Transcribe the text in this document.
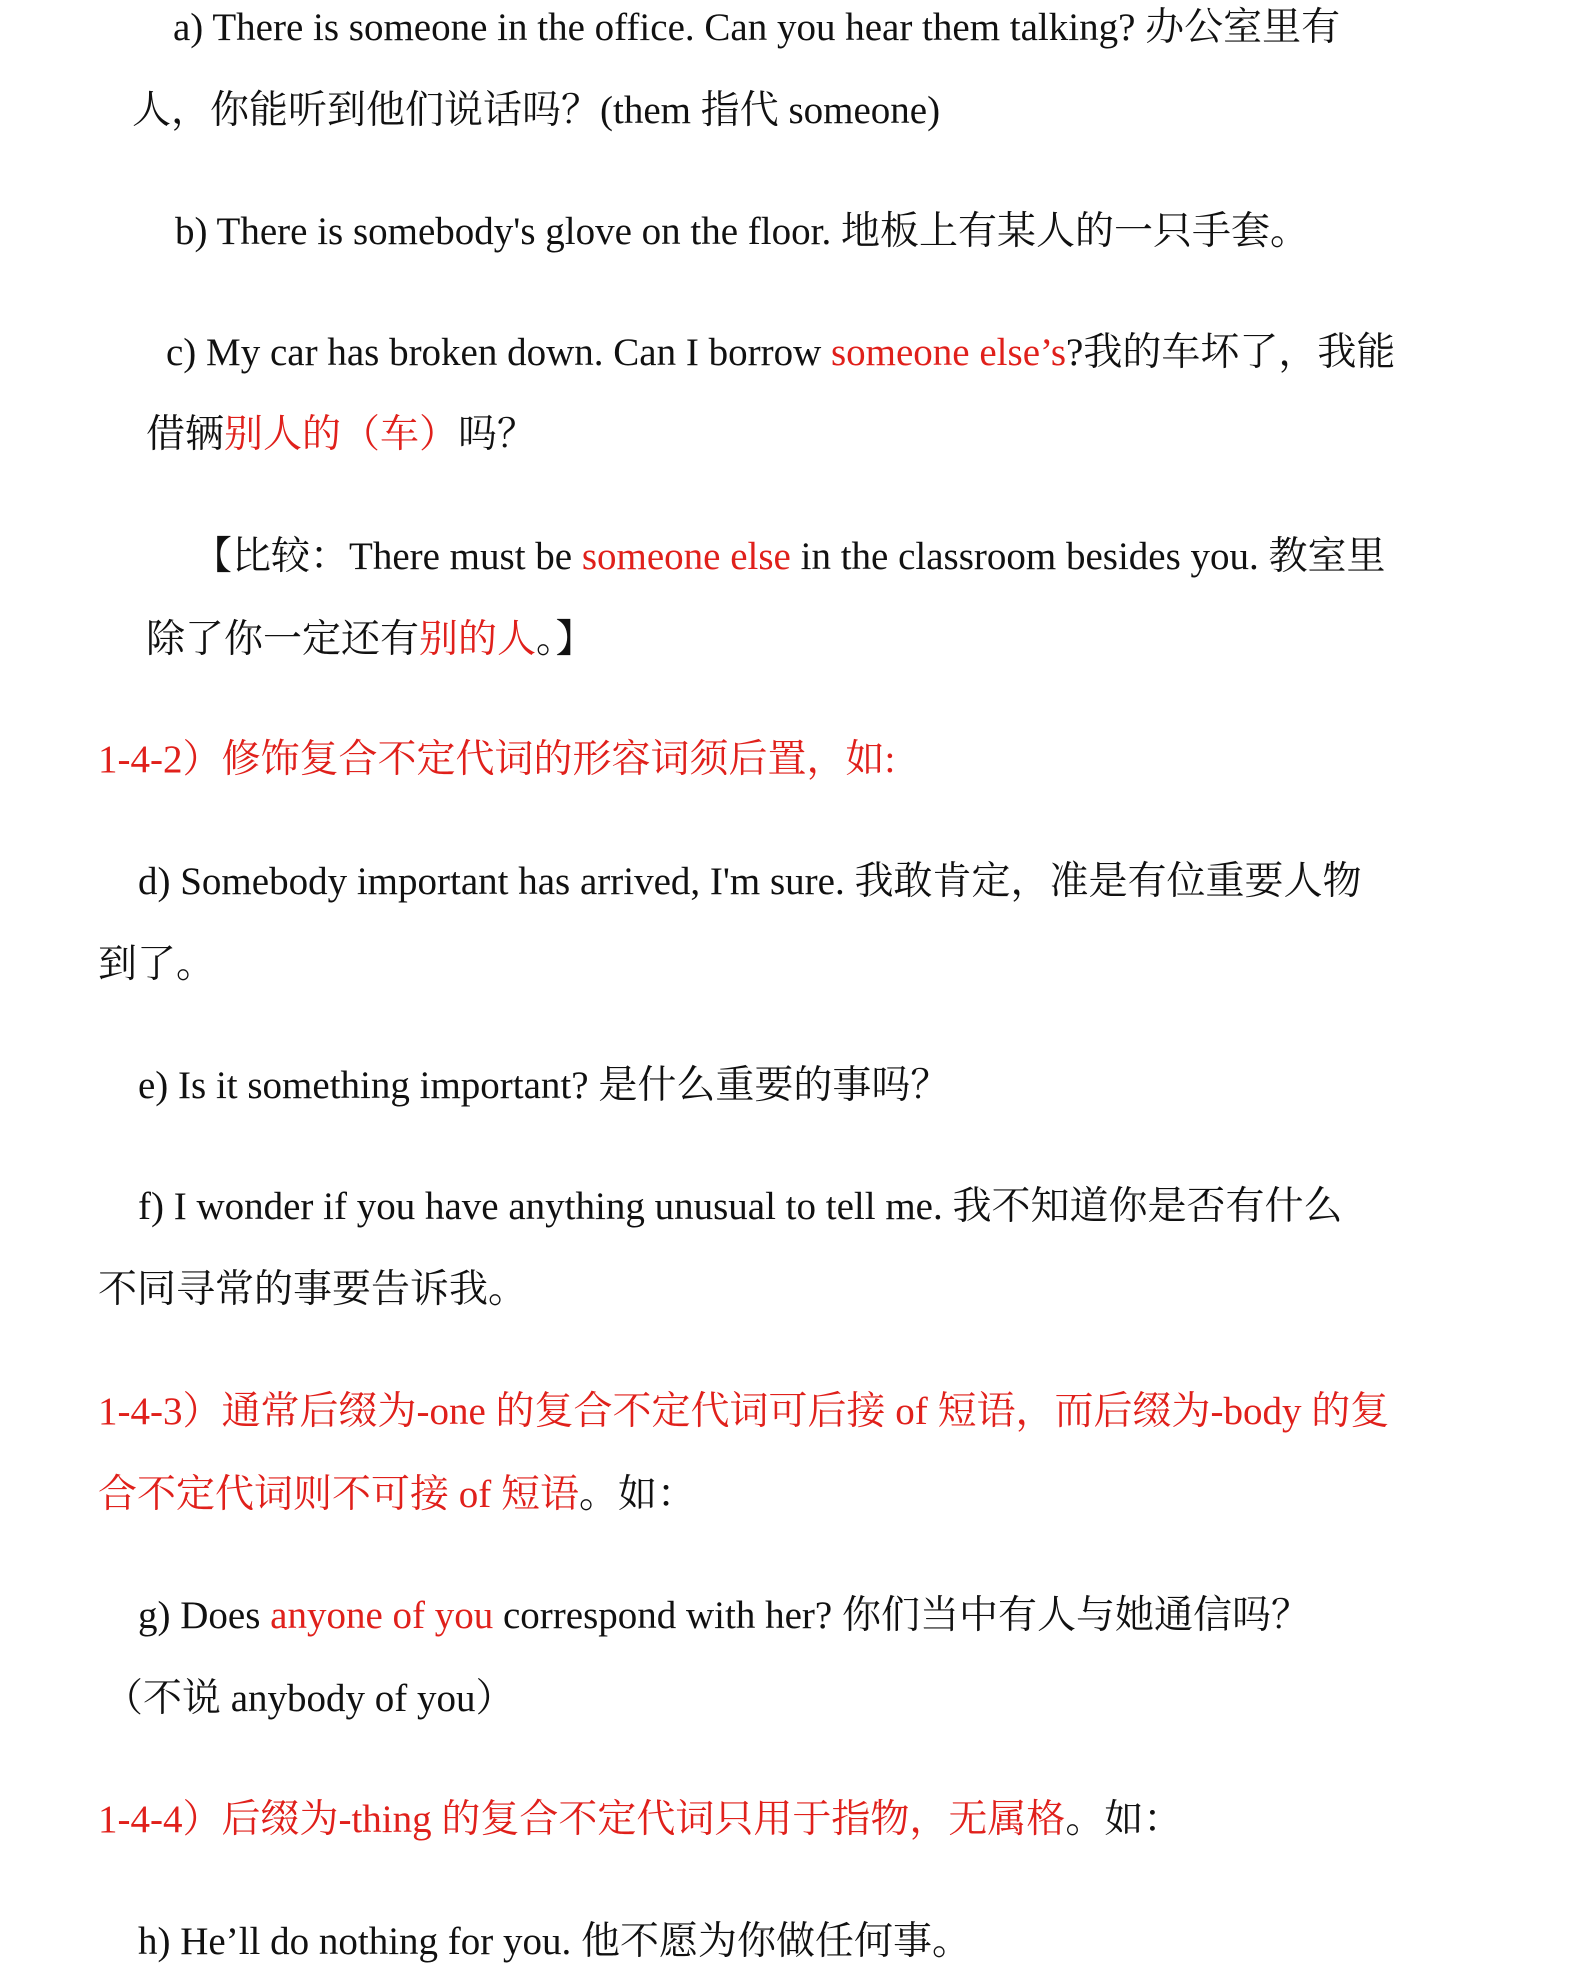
a) There is someone in the office. Can you hear them talking? 办公室里有
人，你能听到他们说话吗？(them 指代 someone)
b) There is somebody's glove on the floor. 地板上有某人的一只手套。
c) My car has broken down. Can I borrow someone else’s?我的车坏了，我能
借辆别人的（车）吗？
【比较：There must be someone else in the classroom besides you. 教室里
除了你一定还有别的人。】
1-4-2）修饰复合不定代词的形容词须后置，如:
d) Somebody important has arrived, I'm sure. 我敢肯定，准是有位重要人物
到了。
e) Is it something important? 是什么重要的事吗？
f) I wonder if you have anything unusual to tell me. 我不知道你是否有什么
不同寻常的事要告诉我。
1-4-3）通常后缀为-one 的复合不定代词可后接 of 短语，而后缀为-body 的复
合不定代词则不可接 of 短语。如：
g) Does anyone of you correspond with her? 你们当中有人与她通信吗？
（不说 anybody of you）
1-4-4）后缀为-thing 的复合不定代词只用于指物，无属格。如：
h) He’ll do nothing for you. 他不愿为你做任何事。
